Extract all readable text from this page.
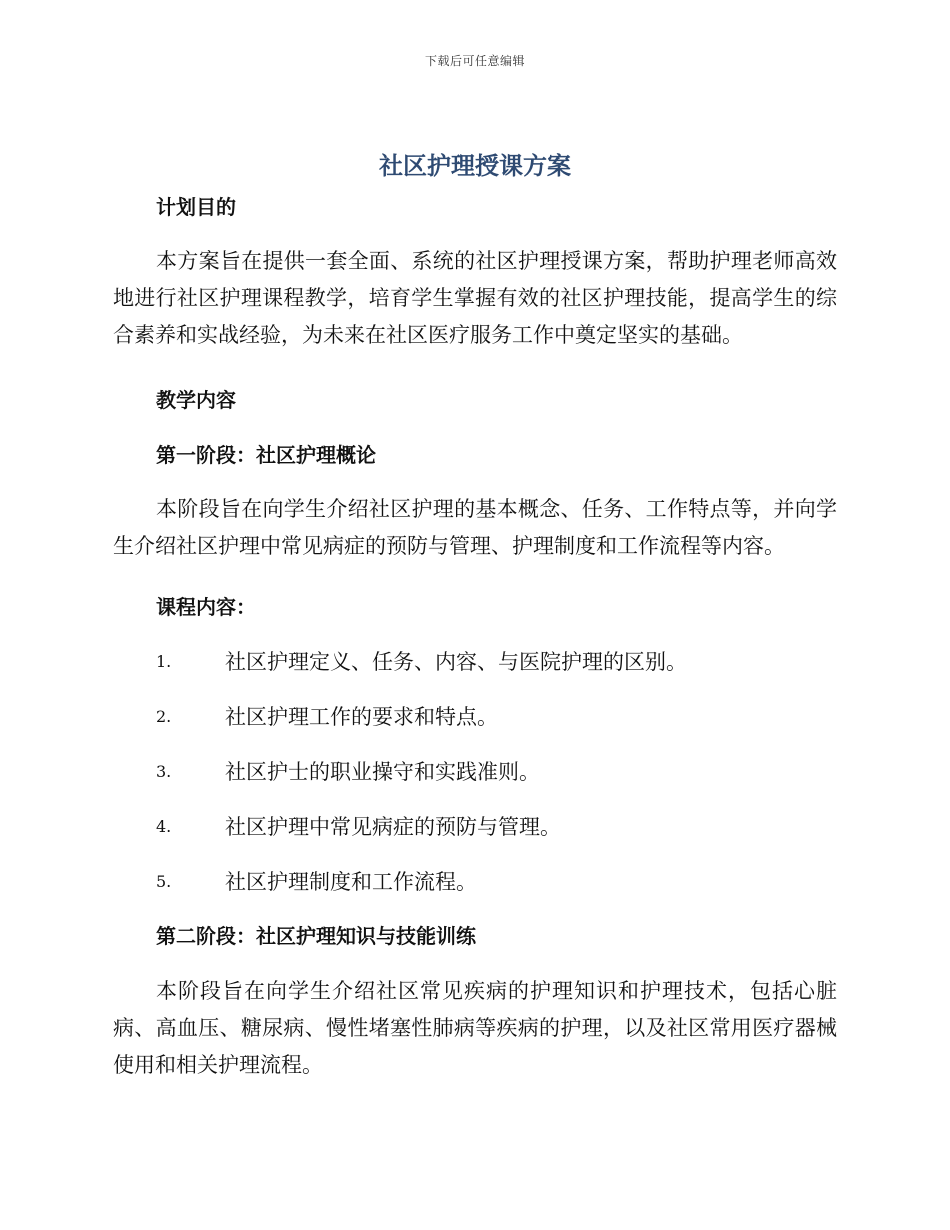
下载后可任意编辑
社区护理授课方案
计划目的
本方案旨在提供一套全面、系统的社区护理授课方案，帮助护理老师高效地进行社区护理课程教学，培育学生掌握有效的社区护理技能，提高学生的综合素养和实战经验，为未来在社区医疗服务工作中奠定坚实的基础。
教学内容
第一阶段：社区护理概论
本阶段旨在向学生介绍社区护理的基本概念、任务、工作特点等，并向学生介绍社区护理中常见病症的预防与管理、护理制度和工作流程等内容。
课程内容：
1.	社区护理定义、任务、内容、与医院护理的区别。
2.	社区护理工作的要求和特点。
3.	社区护士的职业操守和实践准则。
4.	社区护理中常见病症的预防与管理。
5.	社区护理制度和工作流程。
第二阶段：社区护理知识与技能训练
本阶段旨在向学生介绍社区常见疾病的护理知识和护理技术，包括心脏病、高血压、糖尿病、慢性堵塞性肺病等疾病的护理，以及社区常用医疗器械使用和相关护理流程。
